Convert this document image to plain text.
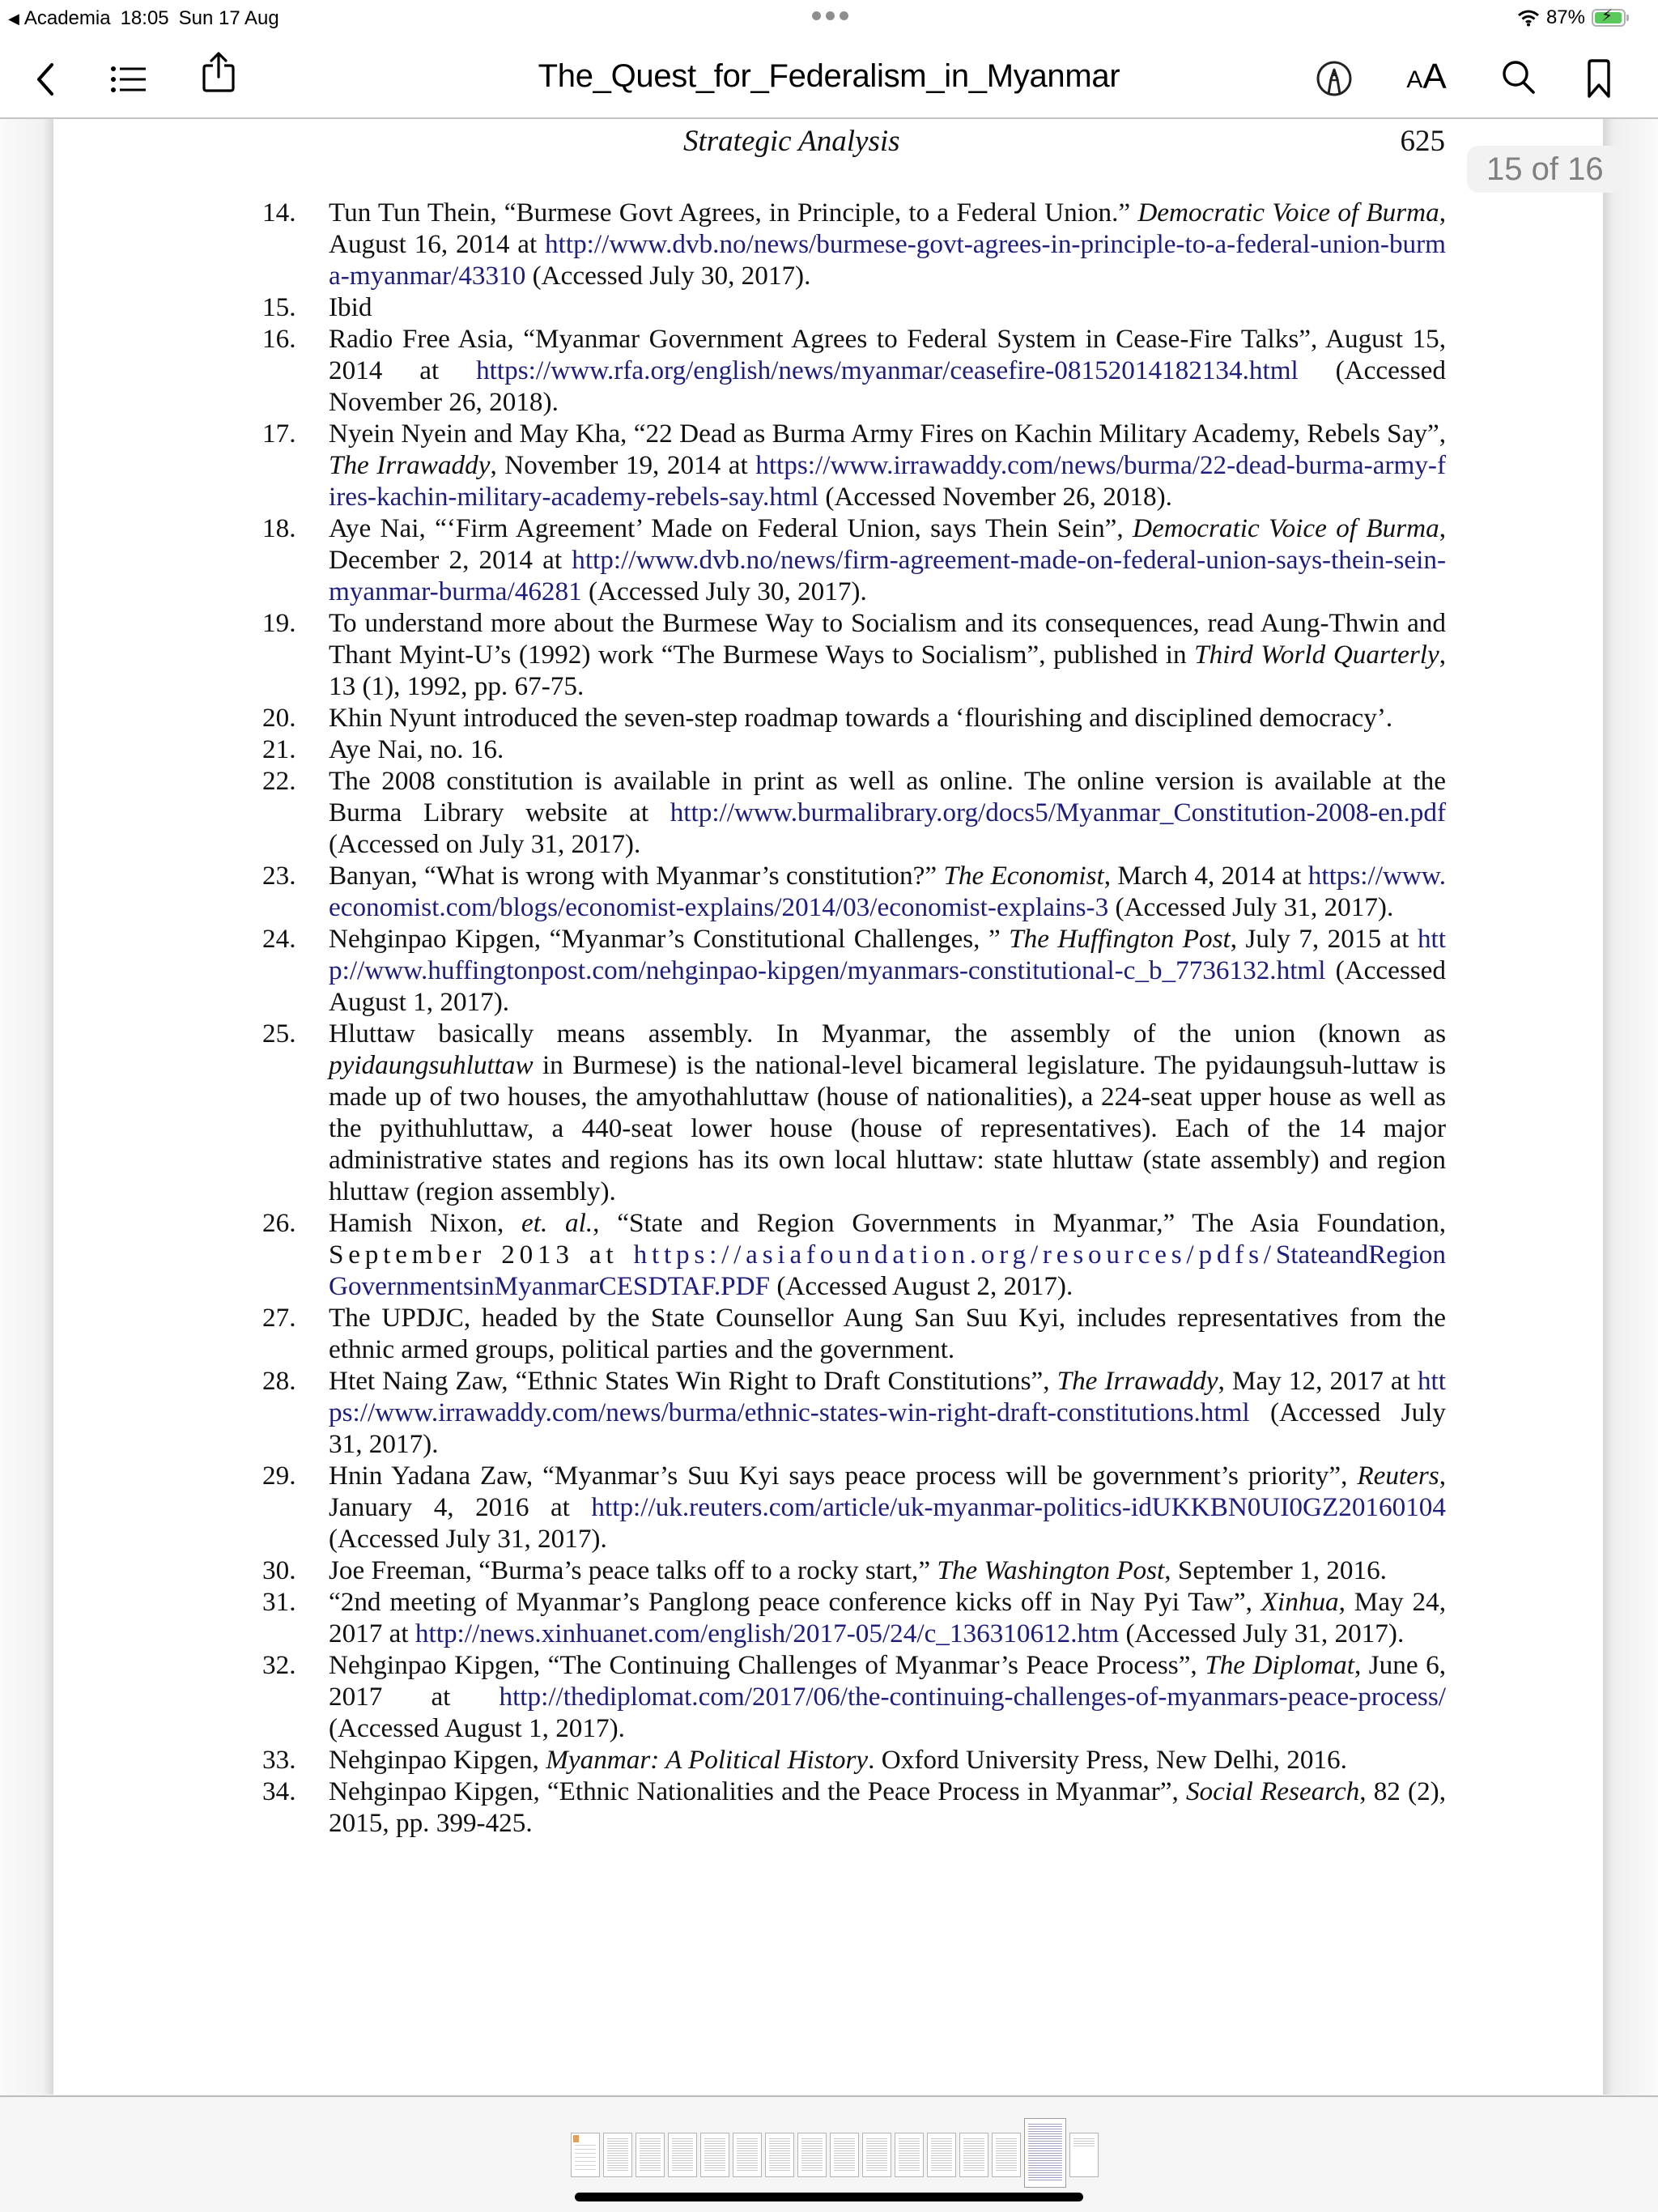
◀ Academia 18:05 Sun 17 Aug	87% ⚡︎
The_Quest_for_Federalism_in_Myanmar	A A
Strategic Analysis	625
14. Tun Tun Thein, “Burmese Govt Agrees, in Principle, to a Federal Union.” Democratic Voice of Burma, August 16, 2014 at http://www.dvb.no/news/burmese-govt-agrees-in-principle-to-a-federal-union-burma-myanmar/43310 (Accessed July 30, 2017).
15. Ibid
16. Radio Free Asia, “Myanmar Government Agrees to Federal System in Cease-Fire Talks”, August 15, 2014 at https://www.rfa.org/english/news/myanmar/ceasefire-08152014182134.html (Accessed November 26, 2018).
17. Nyein Nyein and May Kha, “22 Dead as Burma Army Fires on Kachin Military Academy, Rebels Say”, The Irrawaddy, November 19, 2014 at https://www.irrawaddy.com/news/burma/22-dead-burma-army-fires-kachin-military-academy-rebels-say.html (Accessed November 26, 2018).
18. Aye Nai, “‘Firm Agreement’ Made on Federal Union, says Thein Sein”, Democratic Voice of Burma, December 2, 2014 at http://www.dvb.no/news/firm-agreement-made-on-federal-union-says-thein-sein-myanmar-burma/46281 (Accessed July 30, 2017).
19. To understand more about the Burmese Way to Socialism and its consequences, read Aung-Thwin and Thant Myint-U’s (1992) work “The Burmese Ways to Socialism”, published in Third World Quarterly, 13 (1), 1992, pp. 67-75.
20. Khin Nyunt introduced the seven-step roadmap towards a ‘flourishing and disciplined democracy’.
21. Aye Nai, no. 16.
22. The 2008 constitution is available in print as well as online. The online version is available at the Burma Library website at http://www.burmalibrary.org/docs5/Myanmar_Constitution-2008-en.pdf (Accessed on July 31, 2017).
23. Banyan, “What is wrong with Myanmar’s constitution?” The Economist, March 4, 2014 at https://www.economist.com/blogs/economist-explains/2014/03/economist-explains-3 (Accessed July 31, 2017).
24. Nehginpao Kipgen, “Myanmar’s Constitutional Challenges, ” The Huffington Post, July 7, 2015 at http://www.huffingtonpost.com/nehginpao-kipgen/myanmars-constitutional-c_b_7736132.html (Accessed August 1, 2017).
25. Hluttaw basically means assembly. In Myanmar, the assembly of the union (known as pyidaungsuhluttaw in Burmese) is the national-level bicameral legislature. The pyidaungsuh-luttaw is made up of two houses, the amyothahluttaw (house of nationalities), a 224-seat upper house as well as the pyithuhluttaw, a 440-seat lower house (house of representatives). Each of the 14 major administrative states and regions has its own local hluttaw: state hluttaw (state assembly) and region hluttaw (region assembly).
26. Hamish Nixon, et. al., “State and Region Governments in Myanmar,” The Asia Foundation, September 2013 at https://asiafoundation.org/resources/pdfs/StateandRegionGovernmentsinMyanmarCESDTAF.PDF (Accessed August 2, 2017).
27. The UPDJC, headed by the State Counsellor Aung San Suu Kyi, includes representatives from the ethnic armed groups, political parties and the government.
28. Htet Naing Zaw, “Ethnic States Win Right to Draft Constitutions”, The Irrawaddy, May 12, 2017 at https://www.irrawaddy.com/news/burma/ethnic-states-win-right-draft-constitutions.html (Accessed July 31, 2017).
29. Hnin Yadana Zaw, “Myanmar’s Suu Kyi says peace process will be government’s priority”, Reuters, January 4, 2016 at http://uk.reuters.com/article/uk-myanmar-politics-idUKKBN0UI0GZ20160104 (Accessed July 31, 2017).
30. Joe Freeman, “Burma’s peace talks off to a rocky start,” The Washington Post, September 1, 2016.
31. “2nd meeting of Myanmar’s Panglong peace conference kicks off in Nay Pyi Taw”, Xinhua, May 24, 2017 at http://news.xinhuanet.com/english/2017-05/24/c_136310612.htm (Accessed July 31, 2017).
32. Nehginpao Kipgen, “The Continuing Challenges of Myanmar’s Peace Process”, The Diplomat, June 6, 2017 at http://thediplomat.com/2017/06/the-continuing-challenges-of-myanmars-peace-process/ (Accessed August 1, 2017).
33. Nehginpao Kipgen, Myanmar: A Political History. Oxford University Press, New Delhi, 2016.
34. Nehginpao Kipgen, “Ethnic Nationalities and the Peace Process in Myanmar”, Social Research, 82 (2), 2015, pp. 399-425.
15 of 16
